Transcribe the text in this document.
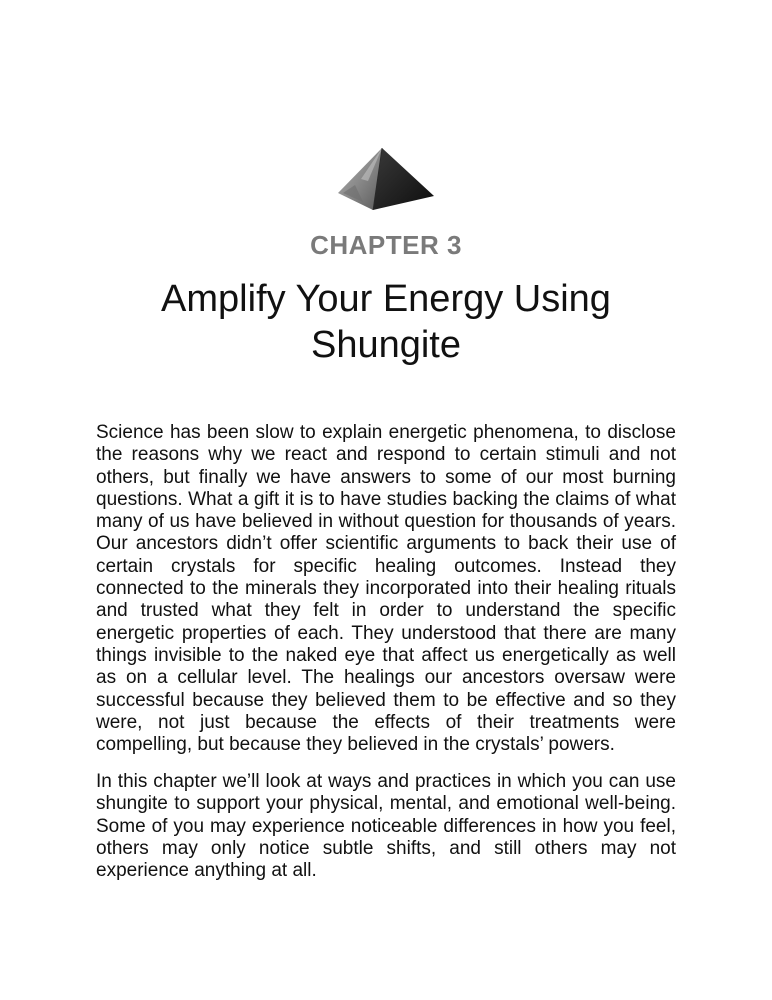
CHAPTER 3
Amplify Your Energy Using
Shungite

Science has been slow to explain energetic phenomena, to disclose the reasons why we react and respond to certain stimuli and not others, but finally we have answers to some of our most burning questions. What a gift it is to have studies backing the claims of what many of us have believed in without question for thousands of years. Our ancestors didn’t offer scientific arguments to back their use of certain crystals for specific healing outcomes. Instead they connected to the minerals they incorporated into their healing rituals and trusted what they felt in order to understand the specific energetic properties of each. They understood that there are many things invisible to the naked eye that affect us energetically as well as on a cellular level. The healings our ancestors oversaw were successful because they believed them to be effective and so they were, not just because the effects of their treatments were compelling, but because they believed in the crystals’ powers.

In this chapter we’ll look at ways and practices in which you can use shungite to support your physical, mental, and emotional well-being. Some of you may experience noticeable differences in how you feel, others may only notice subtle shifts, and still others may not experience anything at all.
